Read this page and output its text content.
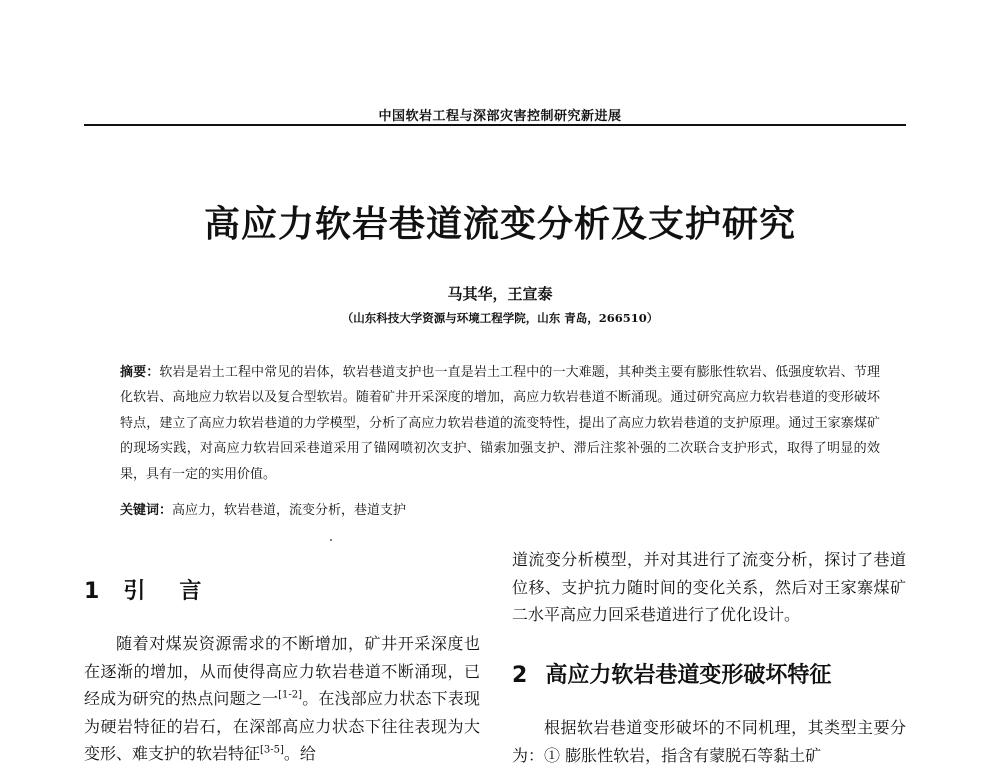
中国软岩工程与深部灾害控制研究新进展
高应力软岩巷道流变分析及支护研究
马其华，王宣泰
（山东科技大学资源与环境工程学院，山东 青岛，266510）
摘要：软岩是岩土工程中常见的岩体，软岩巷道支护也一直是岩土工程中的一大难题，其种类主要有膨胀性软岩、低强度软岩、节理化软岩、高地应力软岩以及复合型软岩。随着矿井开采深度的增加，高应力软岩巷道不断涌现。通过研究高应力软岩巷道的变形破坏特点，建立了高应力软岩巷道的力学模型，分析了高应力软岩巷道的流变特性，提出了高应力软岩巷道的支护原理。通过王家寨煤矿的现场实践，对高应力软岩回采巷道采用了锚网喷初次支护、锚索加强支护、滞后注浆补强的二次联合支护形式，取得了明显的效果，具有一定的实用价值。
关键词：高应力，软岩巷道，流变分析，巷道支护
1 引　言

随着对煤炭资源需求的不断增加，矿井开采深度也在逐渐的增加，从而使得高应力软岩巷道不断涌现，已经成为研究的热点问题之一[1-2]。在浅部应力状态下表现为硬岩特征的岩石，在深部高应力状态下往往表现为大变形、难支护的软岩特征[3-5]。给

道流变分析模型，并对其进行了流变分析，探讨了巷道位移、支护抗力随时间的变化关系，然后对王家寨煤矿二水平高应力回采巷道进行了优化设计。

2 高应力软岩巷道变形破坏特征

根据软岩巷道变形破坏的不同机理，其类型主要分为：① 膨胀性软岩，指含有蒙脱石等黏土矿
